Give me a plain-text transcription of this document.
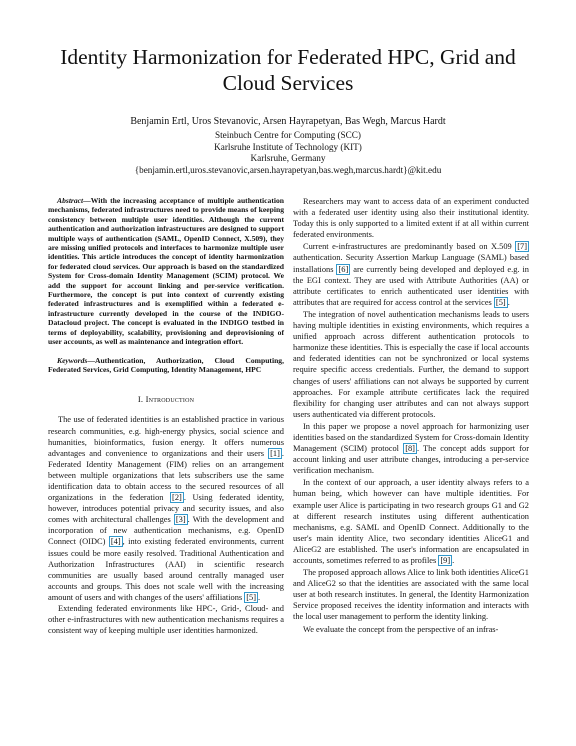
Identity Harmonization for Federated HPC, Grid and Cloud Services
Benjamin Ertl, Uros Stevanovic, Arsen Hayrapetyan, Bas Wegh, Marcus Hardt
Steinbuch Centre for Computing (SCC)
Karlsruhe Institute of Technology (KIT)
Karlsruhe, Germany
{benjamin.ertl,uros.stevanovic,arsen.hayrapetyan,bas.wegh,marcus.hardt}@kit.edu

Abstract—With the increasing acceptance of multiple authentication mechanisms, federated infrastructures need to provide means of keeping consistency between multiple user identities. Although the current authentication and authorization infrastructures are designed to support multiple ways of authentication (SAML, OpenID Connect, X.509), they are missing unified protocols and interfaces to harmonize multiple user identities. This article introduces the concept of identity harmonization for federated cloud services. Our approach is based on the standardized System for Cross-domain Identity Management (SCIM) protocol. We add the support for account linking and per-service verification. Furthermore, the concept is put into context of currently existing federated infrastructures and is exemplified within a federated e-infrastructure currently developed in the course of the INDIGO-Datacloud project. The concept is evaluated in the INDIGO testbed in terms of deployability, scalability, provisioning and deprovisioning of user accounts, as well as maintenance and integration effort.

Keywords—Authentication, Authorization, Cloud Computing, Federated Services, Grid Computing, Identity Management, HPC

I. Introduction

The use of federated identities is an established practice in various research communities, e.g. high-energy physics, social science and humanities, bioinformatics, fusion energy. It offers numerous advantages and convenience to organizations and their users [1] . Federated Identity Management (FIM) relies on an arrangement between multiple organizations that lets subscribers use the same identification data to obtain access to the secured resources of all organizations in the federation [2] . Using federated identity, however, introduces potential privacy and security issues, and also comes with architectural challenges [3] . With the development and incorporation of new authentication mechanisms, e.g. OpenID Connect (OIDC) [4] , into existing federated environments, current issues could be more easily resolved. Traditional Authentication and Authorization Infrastructures (AAI) in scientific research communities are usually based around centrally managed user accounts and groups. This does not scale well with the increasing amount of users and with changes of the users' affiliations [5] .

Extending federated environments like HPC-, Grid-, Cloud- and other e-infrastructures with new authentication mechanisms requires a consistent way of keeping multiple user identities harmonized.

Researchers may want to access data of an experiment conducted with a federated user identity using also their institutional identity. Today this is only supported to a limited extent if at all within current federated environments.

Current e-infrastructures are predominantly based on X.509 [7] authentication. Security Assertion Markup Language (SAML) based installations [6] are currently being developed and deployed e.g. in the EGI context. They are used with Attribute Authorities (AA) or attribute certificates to enrich authenticated user identities with attributes that are required for access control at the services [5] .

The integration of novel authentication mechanisms leads to users having multiple identities in existing environments, which requires a unified approach across different authentication protocols to harmonize these identities. This is especially the case if local accounts and federated identities can not be synchronized or local systems require specific access credentials. Further, the demand to support changes of users' affiliations can not always be supported by current approaches. For example attribute certificates lack the required flexibility for changing user attributes and can not always support users authenticated via different protocols.

In this paper we propose a novel approach for harmonizing user identities based on the standardized System for Cross-domain Identity Management (SCIM) protocol [8] . The concept adds support for account linking and user attribute changes, introducing a per-service verification mechanism.

In the context of our approach, a user identity always refers to a human being, which however can have multiple identities. For example user Alice is participating in two research groups G1 and G2 at different research institutes using different authentication mechanisms, e.g. SAML and OpenID Connect. Additionally to the user's main identity Alice, two secondary identities AliceG1 and AliceG2 are established. The user's information are encapsulated in accounts, sometimes referred to as profiles [9] .

The proposed approach allows Alice to link both identities AliceG1 and AliceG2 so that the identities are associated with the same local user at both research institutes. In general, the Identity Harmonization Service proposed receives the identity information and interacts with the local user management to perform the identity linking.

We evaluate the concept from the perspective of an infras-
